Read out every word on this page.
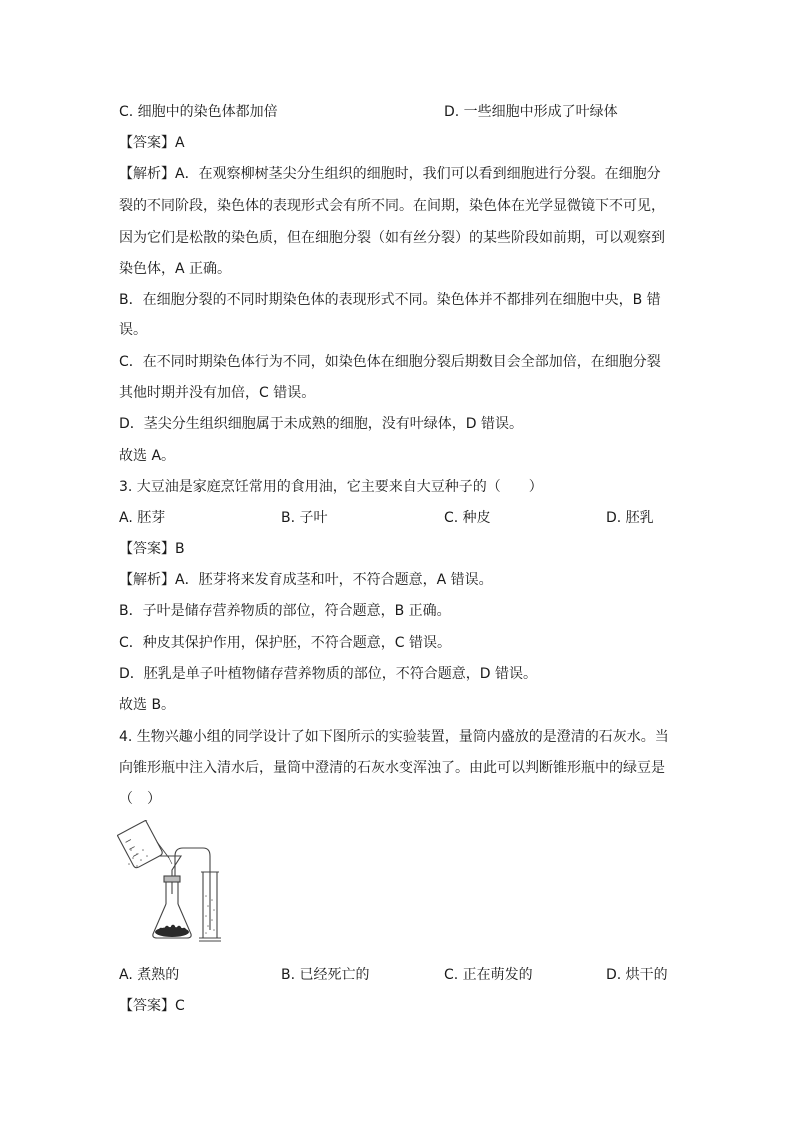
C. 细胞中的染色体都加倍	D. 一些细胞中形成了叶绿体
【答案】A
【解析】A．在观察柳树茎尖分生组织的细胞时，我们可以看到细胞进行分裂。在细胞分
裂的不同阶段，染色体的表现形式会有所不同。在间期，染色体在光学显微镜下不可见，
因为它们是松散的染色质，但在细胞分裂（如有丝分裂）的某些阶段如前期，可以观察到
染色体，A 正确。
B．在细胞分裂的不同时期染色体的表现形式不同。染色体并不都排列在细胞中央，B 错
误。
C．在不同时期染色体行为不同，如染色体在细胞分裂后期数目会全部加倍，在细胞分裂
其他时期并没有加倍，C 错误。
D．茎尖分生组织细胞属于未成熟的细胞，没有叶绿体，D 错误。
故选 A。
3. 大豆油是家庭烹饪常用的食用油，它主要来自大豆种子的（　　）
A. 胚芽	B. 子叶	C. 种皮	D. 胚乳
【答案】B
【解析】A．胚芽将来发育成茎和叶，不符合题意，A 错误。
B．子叶是储存营养物质的部位，符合题意，B 正确。
C．种皮其保护作用，保护胚，不符合题意，C 错误。
D．胚乳是单子叶植物储存营养物质的部位，不符合题意，D 错误。
故选 B。
4. 生物兴趣小组的同学设计了如下图所示的实验装置，量筒内盛放的是澄清的石灰水。当
向锥形瓶中注入清水后，量筒中澄清的石灰水变浑浊了。由此可以判断锥形瓶中的绿豆是
（　）
A. 煮熟的	B. 已经死亡的	C. 正在萌发的	D. 烘干的
【答案】C
